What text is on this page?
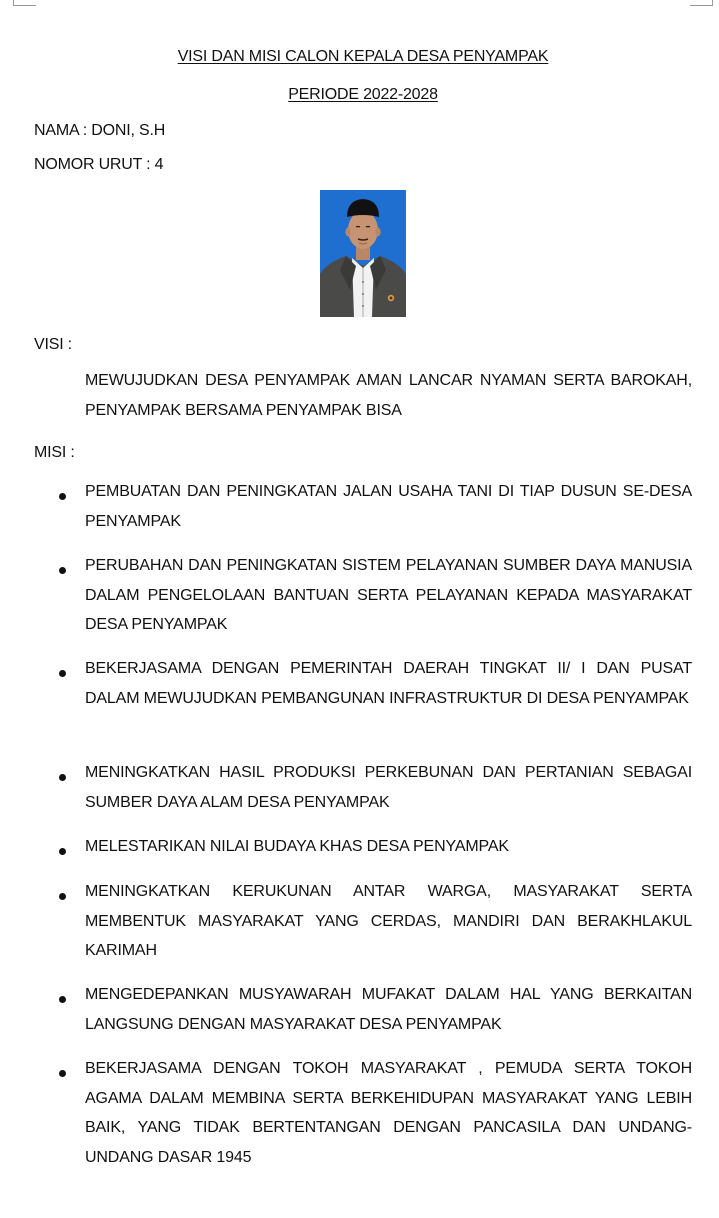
VISI DAN MISI CALON KEPALA DESA PENYAMPAK
PERIODE 2022-2028
NAMA : DONI, S.H
NOMOR URUT : 4
VISI :
MEWUJUDKAN DESA PENYAMPAK AMAN LANCAR NYAMAN SERTA BAROKAH, PENYAMPAK BERSAMA PENYAMPAK BISA
MISI :
PEMBUATAN DAN PENINGKATAN JALAN USAHA TANI DI TIAP DUSUN SE-DESA PENYAMPAK
PERUBAHAN DAN PENINGKATAN SISTEM PELAYANAN SUMBER DAYA MANUSIA DALAM PENGELOLAAN BANTUAN SERTA PELAYANAN KEPADA MASYARAKAT DESA PENYAMPAK
BEKERJASAMA DENGAN PEMERINTAH DAERAH TINGKAT II/ I DAN PUSAT DALAM MEWUJUDKAN PEMBANGUNAN INFRASTRUKTUR DI DESA PENYAMPAK
MENINGKATKAN HASIL PRODUKSI PERKEBUNAN DAN PERTANIAN SEBAGAI SUMBER DAYA ALAM DESA PENYAMPAK
MELESTARIKAN NILAI BUDAYA KHAS DESA PENYAMPAK
MENINGKATKAN KERUKUNAN ANTAR WARGA, MASYARAKAT SERTA MEMBENTUK MASYARAKAT YANG CERDAS, MANDIRI DAN BERAKHLAKUL KARIMAH
MENGEDEPANKAN MUSYAWARAH MUFAKAT DALAM HAL YANG BERKAITAN LANGSUNG DENGAN MASYARAKAT DESA PENYAMPAK
BEKERJASAMA DENGAN TOKOH MASYARAKAT , PEMUDA SERTA TOKOH AGAMA DALAM MEMBINA SERTA BERKEHIDUPAN MASYARAKAT YANG LEBIH BAIK, YANG TIDAK BERTENTANGAN DENGAN PANCASILA DAN UNDANG-UNDANG DASAR 1945
